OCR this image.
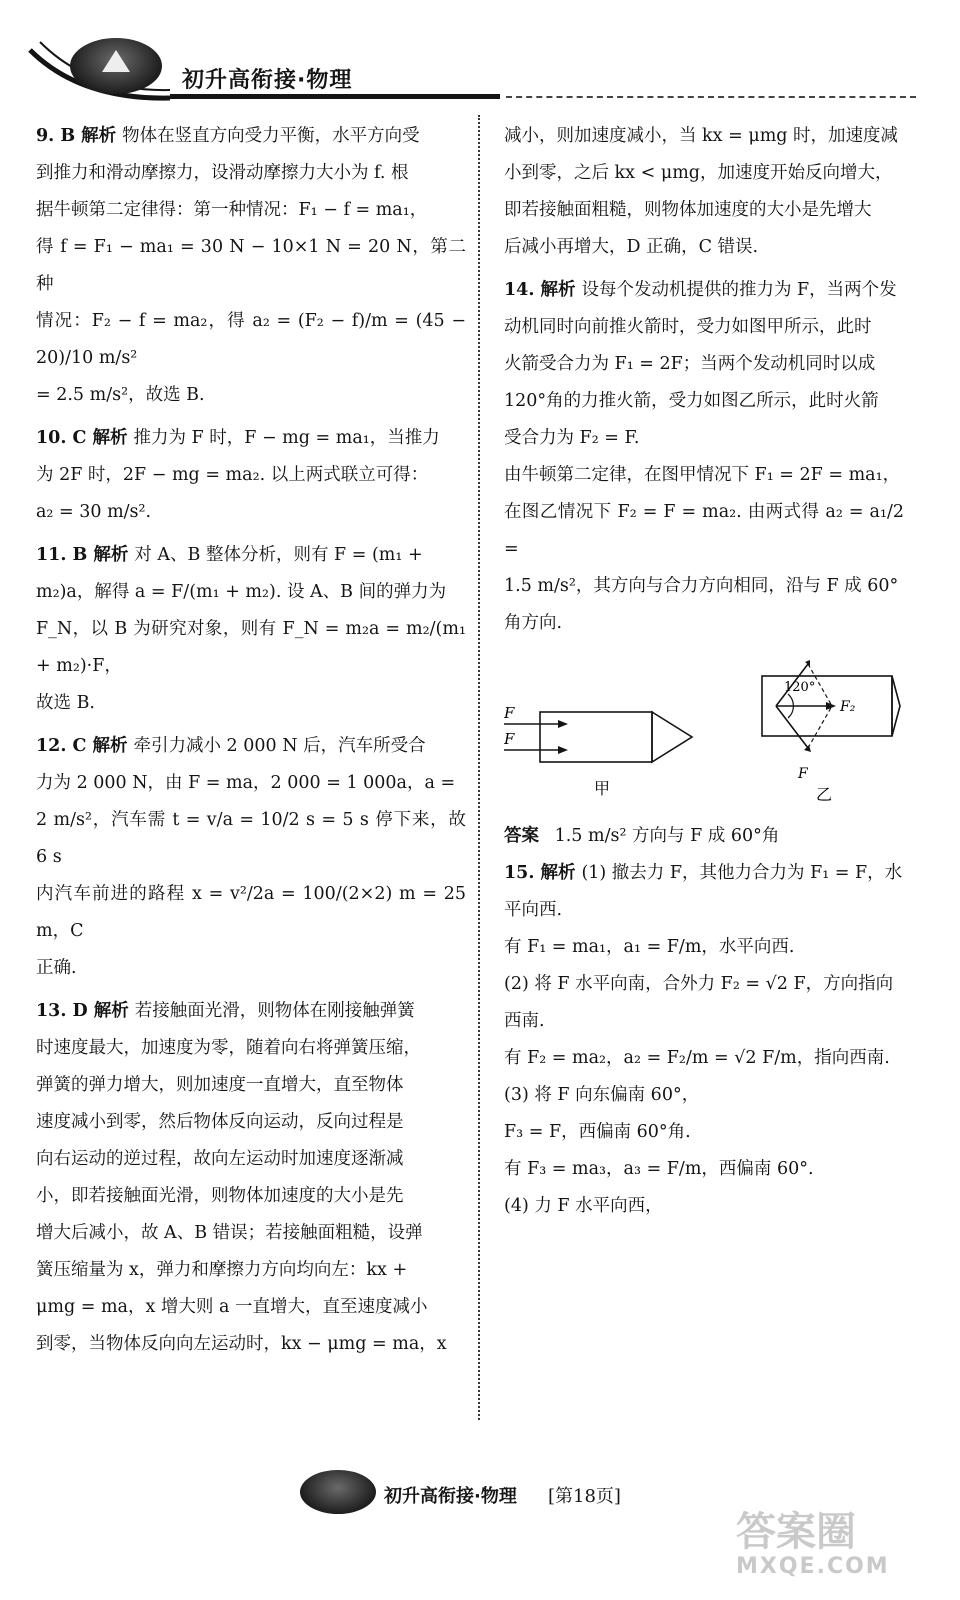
初升高衔接·物理

9. B 解析 物体在竖直方向受力平衡，水平方向受

到推力和滑动摩擦力，设滑动摩擦力大小为 f. 根

据牛顿第二定律得：第一种情况：F₁ − f = ma₁，

得 f = F₁ − ma₁ = 30 N − 10×1 N = 20 N，第二种

情况：F₂ − f = ma₂，得 a₂ = (F₂ − f)/m = (45 − 20)/10 m/s²

= 2.5 m/s²，故选 B.

10. C 解析 推力为 F 时，F − mg = ma₁，当推力

为 2F 时，2F − mg = ma₂. 以上两式联立可得：

a₂ = 30 m/s².

11. B 解析 对 A、B 整体分析，则有 F = (m₁ +

m₂)a，解得 a = F/(m₁ + m₂). 设 A、B 间的弹力为

F_N，以 B 为研究对象，则有 F_N = m₂a = m₂/(m₁ + m₂)·F，

故选 B.

12. C 解析 牵引力减小 2 000 N 后，汽车所受合

力为 2 000 N，由 F = ma，2 000 = 1 000a，a =

2 m/s²，汽车需 t = v/a = 10/2 s = 5 s 停下来，故 6 s

内汽车前进的路程 x = v²/2a = 100/(2×2) m = 25 m，C

正确.

13. D 解析 若接触面光滑，则物体在刚接触弹簧

时速度最大，加速度为零，随着向右将弹簧压缩，

弹簧的弹力增大，则加速度一直增大，直至物体

速度减小到零，然后物体反向运动，反向过程是

向右运动的逆过程，故向左运动时加速度逐渐减

小，即若接触面光滑，则物体加速度的大小是先

增大后减小，故 A、B 错误；若接触面粗糙，设弹

簧压缩量为 x，弹力和摩擦力方向均向左：kx +

μmg = ma，x 增大则 a 一直增大，直至速度减小

到零，当物体反向向左运动时，kx − μmg = ma，x

减小，则加速度减小，当 kx = μmg 时，加速度减

小到零，之后 kx < μmg，加速度开始反向增大，

即若接触面粗糙，则物体加速度的大小是先增大

后减小再增大，D 正确，C 错误.

14. 解析 设每个发动机提供的推力为 F，当两个发

动机同时向前推火箭时，受力如图甲所示，此时

火箭受合力为 F₁ = 2F；当两个发动机同时以成

120°角的力推火箭，受力如图乙所示，此时火箭

受合力为 F₂ = F.

由牛顿第二定律，在图甲情况下 F₁ = 2F = ma₁，

在图乙情况下 F₂ = F = ma₂. 由两式得 a₂ = a₁/2 =

1.5 m/s²，其方向与合力方向相同，沿与 F 成 60°

角方向.

F
F
甲
120°
F₂
F
乙

答案 1.5 m/s² 方向与 F 成 60°角

15. 解析 (1) 撤去力 F，其他力合力为 F₁ = F，水

平向西.

有 F₁ = ma₁，a₁ = F/m，水平向西.

(2) 将 F 水平向南，合外力 F₂ = √2 F，方向指向

西南.

有 F₂ = ma₂，a₂ = F₂/m = √2 F/m，指向西南.

(3) 将 F 向东偏南 60°，

F₃ = F，西偏南 60°角.

有 F₃ = ma₃，a₃ = F/m，西偏南 60°.

(4) 力 F 水平向西，

初升高衔接·物理 [第18页]
答案圈
MXQE.COM
